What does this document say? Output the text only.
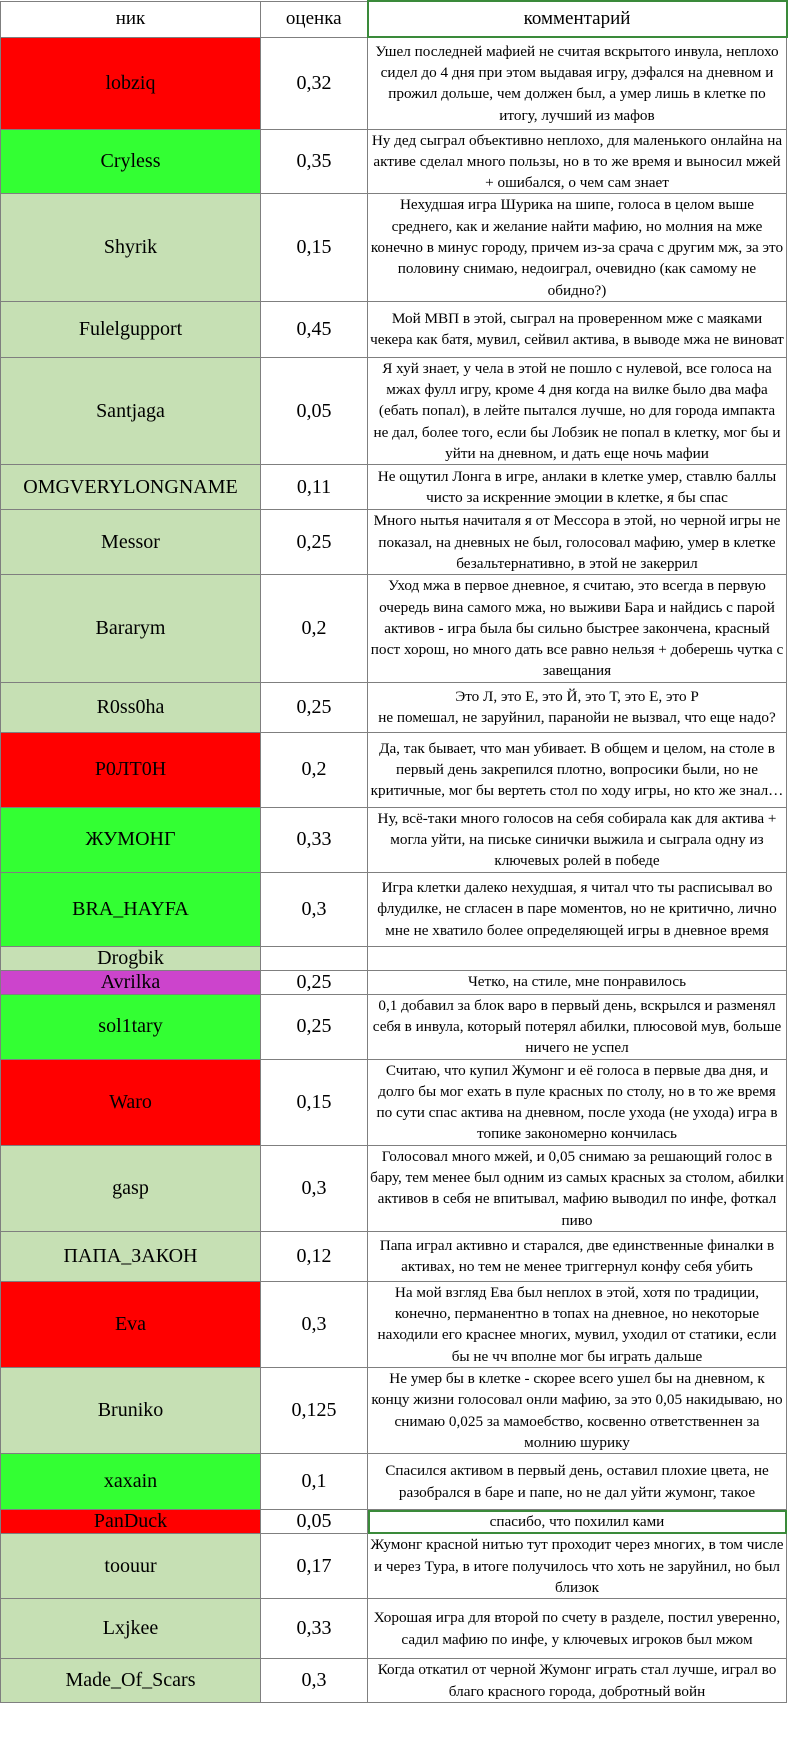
ник	оценка	комментарий
lobziq	0,32	Ушел последней мафией не считая вскрытого инвула, неплохо сидел до 4 дня при этом выдавая игру, дэфался на дневном и прожил дольше, чем должен был, а умер лишь в клетке по итогу, лучший из мафов
Cryless	0,35	Ну дед сыграл объективно неплохо, для маленького онлайна на активе сделал много пользы, но в то же время и выносил мжей + ошибался, о чем сам знает
Shyrik	0,15	Нехудшая игра Шурика на шипе, голоса в целом выше среднего, как и желание найти мафию, но молния на мже конечно в минус городу, причем из-за срача с другим мж, за это половину снимаю, недоиграл, очевидно (как самому не обидно?)
Fulelgupport	0,45	Мой МВП в этой, сыграл на проверенном мже с маяками чекера как батя, мувил, сейвил актива, в выводе мжа не виноват
Santjaga	0,05	Я хуй знает, у чела в этой не пошло с нулевой, все голоса на мжах фулл игру, кроме 4 дня когда на вилке было два мафа (ебать попал), в лейте пытался лучше, но для города импакта не дал, более того, если бы Лобзик не попал в клетку, мог бы и уйти на дневном, и дать еще ночь мафии
OMGVERYLONGNAME	0,11	Не ощутил Лонга в игре, анлаки в клетке умер, ставлю баллы чисто за искренние эмоции в клетке, я бы спас
Messor	0,25	Много нытья начиталя я от Мессора в этой, но черной игры не показал, на дневных не был, голосовал мафию, умер в клетке безальтернативно, в этой не закеррил
Bararym	0,2	Уход мжа в первое дневное, я считаю, это всегда в первую очередь вина самого мжа, но выживи Бара и найдись с парой активов - игра была бы сильно быстрее закончена, красный пост хорош, но много дать все равно нельзя + доберешь чутка с завещания
R0ss0ha	0,25	Это Л, это Е, это Й, это Т, это Е, это Р
не помешал, не заруйнил, паранойи не вызвал, что еще надо?
P0ЛT0H	0,2	Да, так бывает, что ман убивает. В общем и целом, на столе в первый день закрепился плотно, вопросики были, но не критичные, мог бы вертеть стол по ходу игры, но кто же знал…
ЖУМОНГ	0,33	Ну, всё-таки много голосов на себя собирала как для актива + могла уйти, на письке синички выжила и сыграла одну из ключевых ролей в победе
BRA_HAYFA	0,3	Игра клетки далеко нехудшая, я читал что ты расписывал во флудилке, не сгласен в паре моментов, но не критично, лично мне не хватило более определяющей игры в дневное время
Drogbik		
Avrilka	0,25	Четко, на стиле, мне понравилось
sol1tary	0,25	0,1 добавил за блок варо в первый день, вскрылся и разменял себя в инвула, который потерял абилки, плюсовой мув, больше ничего не успел
Waro	0,15	Считаю, что купил Жумонг и её голоса в первые два дня, и долго бы мог ехать в пуле красных по столу, но в то же время по сути спас актива на дневном, после ухода (не ухода) игра в топике закономерно кончилась
gasp	0,3	Голосовал много мжей, и 0,05 снимаю за решающий голос в бару, тем менее был одним из самых красных за столом, абилки активов в себя не впитывал, мафию выводил по инфе, фоткал пиво
ПАПА_ЗАКОН	0,12	Папа играл активно и старался, две единственные финалки в активах, но тем не менее триггернул конфу себя убить
Eva	0,3	На мой взгляд Ева был неплох в этой, хотя по традиции, конечно, перманентно в топах на дневное, но некоторые находили его краснее многих, мувил, уходил от статики, если бы не чч вполне мог бы играть дальше
Bruniko	0,125	Не умер бы в клетке - скорее всего ушел бы на дневном, к концу жизни голосовал онли мафию, за это 0,05 накидываю, но снимаю 0,025 за мамоебство, косвенно ответственнен за молнию шурику
xaxain	0,1	Спасился активом в первый день, оставил плохие цвета, не разобрался в баре и папе, но не дал уйти жумонг, такое
PanDuck	0,05	спасибо, что похилил ками
toouur	0,17	Жумонг красной нитью тут проходит через многих, в том числе и через Тура, в итоге получилось что хоть не заруйнил, но был близок
Lxjkee	0,33	Хорошая игра для второй по счету в разделе, постил уверенно, садил мафию по инфе, у ключевых игроков был мжом
Made_Of_Scars	0,3	Когда откатил от черной Жумонг играть стал лучше, играл во благо красного города, добротный войн
